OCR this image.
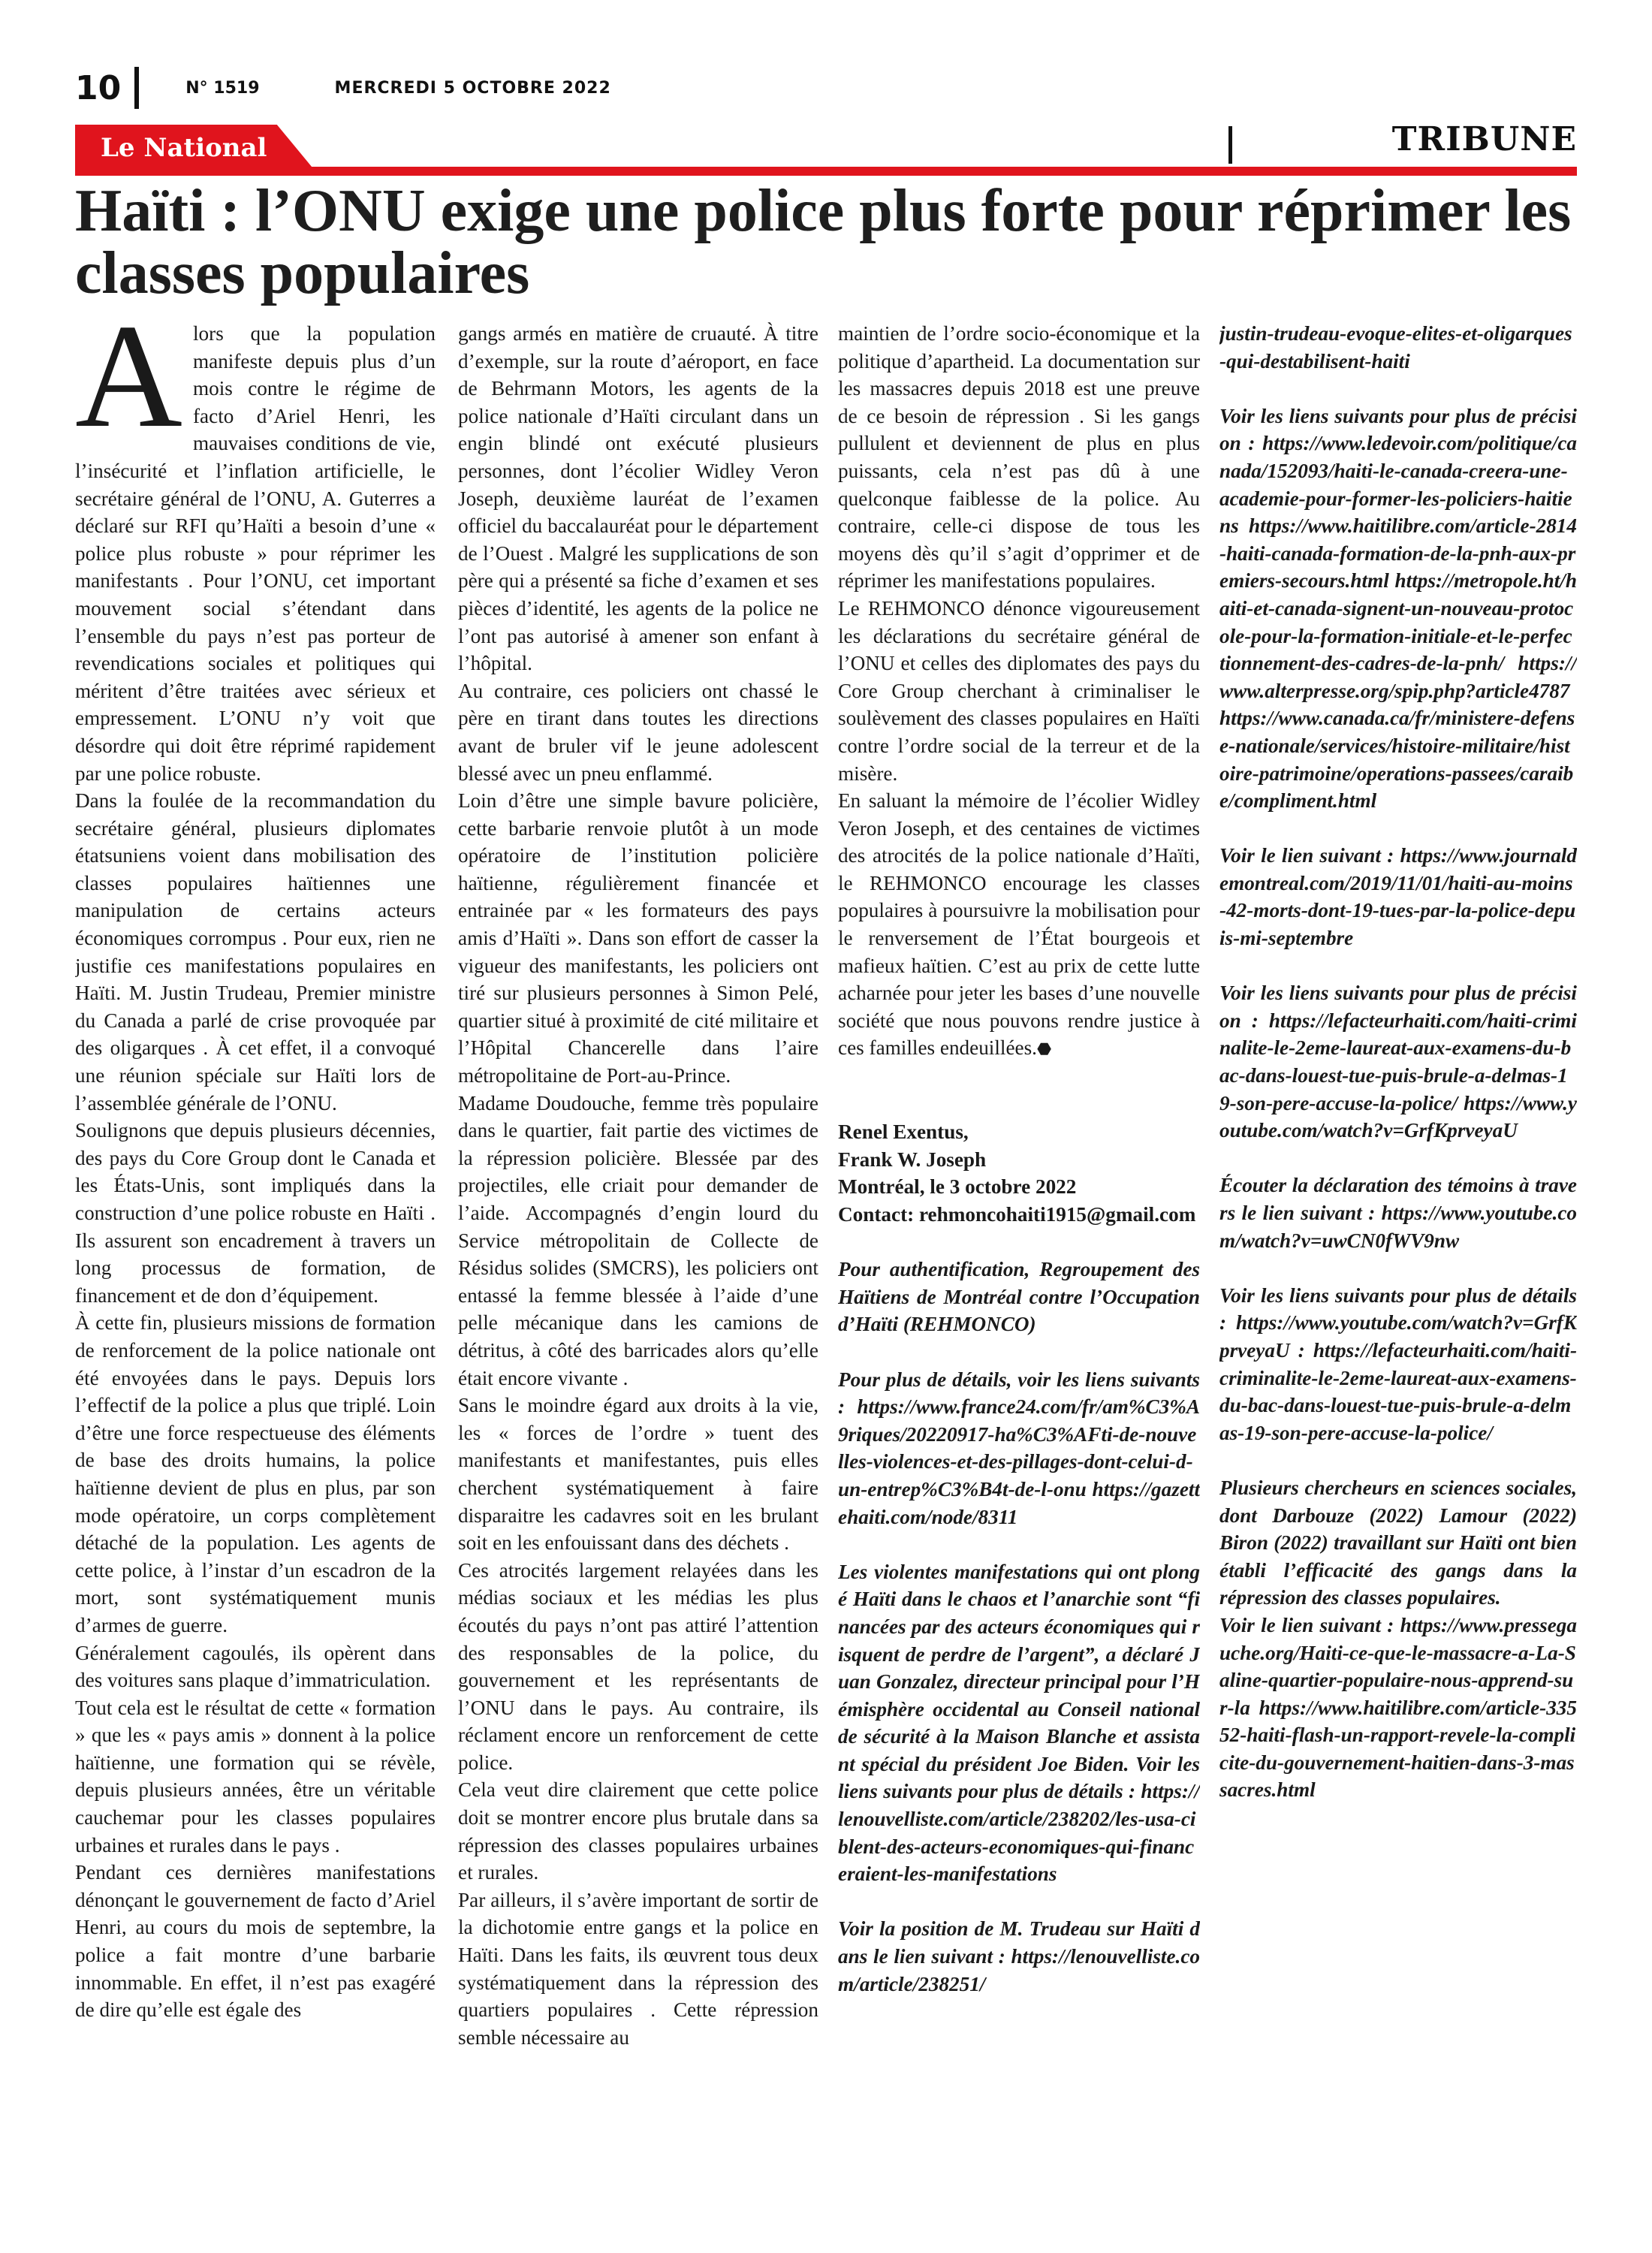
10	N° 1519	MERCREDI 5 OCTOBRE 2022
Le National	TRIBUNE
Haïti : l’ONU exige une police plus forte pour réprimer les classes populaires

Alors que la population manifeste depuis plus d’un mois contre le régime de facto d’Ariel Henri, les mauvaises conditions de vie, l’insécurité et l’inflation artificielle, le secrétaire général de l’ONU, A. Guterres a déclaré sur RFI qu’Haïti a besoin d’une « police plus robuste » pour réprimer les manifestants . Pour l’ONU, cet important mouvement social s’étendant dans l’ensemble du pays n’est pas porteur de revendications sociales et politiques qui méritent d’être traitées avec sérieux et empressement. L’ONU n’y voit que désordre qui doit être réprimé rapidement par une police robuste.

Dans la foulée de la recommandation du secrétaire général, plusieurs diplomates étatsuniens voient dans mobilisation des classes populaires haïtiennes une manipulation de certains acteurs économiques corrompus . Pour eux, rien ne justifie ces manifestations populaires en Haïti. M. Justin Trudeau, Premier ministre du Canada a parlé de crise provoquée par des oligarques . À cet effet, il a convoqué une réunion spéciale sur Haïti lors de l’assemblée générale de l’ONU.

Soulignons que depuis plusieurs décennies, des pays du Core Group dont le Canada et les États-Unis, sont impliqués dans la construction d’une police robuste en Haïti . Ils assurent son encadrement à travers un long processus de formation, de financement et de don d’équipement.

À cette fin, plusieurs missions de formation de renforcement de la police nationale ont été envoyées dans le pays. Depuis lors l’effectif de la police a plus que triplé. Loin d’être une force respectueuse des éléments de base des droits humains, la police haïtienne devient de plus en plus, par son mode opératoire, un corps complètement détaché de la population. Les agents de cette police, à l’instar d’un escadron de la mort, sont systématiquement munis d’armes de guerre.

Généralement cagoulés, ils opèrent dans des voitures sans plaque d’immatriculation.

Tout cela est le résultat de cette « formation » que les « pays amis » donnent à la police haïtienne, une formation qui se révèle, depuis plusieurs années, être un véritable cauchemar pour les classes populaires urbaines et rurales dans le pays .

Pendant ces dernières manifestations dénonçant le gouvernement de facto d’Ariel Henri, au cours du mois de septembre, la police a fait montre d’une barbarie innommable. En effet, il n’est pas exagéré de dire qu’elle est égale des

gangs armés en matière de cruauté. À titre d’exemple, sur la route d’aéroport, en face de Behrmann Motors, les agents de la police nationale d’Haïti circulant dans un engin blindé ont exécuté plusieurs personnes, dont l’écolier Widley Veron Joseph, deuxième lauréat de l’examen officiel du baccalauréat pour le département de l’Ouest . Malgré les supplications de son père qui a présenté sa fiche d’examen et ses pièces d’identité, les agents de la police ne l’ont pas autorisé à amener son enfant à l’hôpital.

Au contraire, ces policiers ont chassé le père en tirant dans toutes les directions avant de bruler vif le jeune adolescent blessé avec un pneu enflammé.

Loin d’être une simple bavure policière, cette barbarie renvoie plutôt à un mode opératoire de l’institution policière haïtienne, régulièrement financée et entrainée par « les formateurs des pays amis d’Haïti ». Dans son effort de casser la vigueur des manifestants, les policiers ont tiré sur plusieurs personnes à Simon Pelé, quartier situé à proximité de cité militaire et l’Hôpital Chancerelle dans l’aire métropolitaine de Port-au-Prince.

Madame Doudouche, femme très populaire dans le quartier, fait partie des victimes de la répression policière. Blessée par des projectiles, elle criait pour demander de l’aide. Accompagnés d’engin lourd du Service métropolitain de Collecte de Résidus solides (SMCRS), les policiers ont entassé la femme blessée à l’aide d’une pelle mécanique dans les camions de détritus, à côté des barricades alors qu’elle était encore vivante .

Sans le moindre égard aux droits à la vie, les « forces de l’ordre » tuent des manifestants et manifestantes, puis elles cherchent systématiquement à faire disparaitre les cadavres soit en les brulant soit en les enfouissant dans des déchets .

Ces atrocités largement relayées dans les médias sociaux et les médias les plus écoutés du pays n’ont pas attiré l’attention des responsables de la police, du gouvernement et les représentants de l’ONU dans le pays. Au contraire, ils réclament encore un renforcement de cette police.

Cela veut dire clairement que cette police doit se montrer encore plus brutale dans sa répression des classes populaires urbaines et rurales.

Par ailleurs, il s’avère important de sortir de la dichotomie entre gangs et la police en Haïti. Dans les faits, ils œuvrent tous deux systématiquement dans la répression des quartiers populaires . Cette répression semble nécessaire au

maintien de l’ordre socio-économique et la politique d’apartheid. La documentation sur les massacres depuis 2018 est une preuve de ce besoin de répression . Si les gangs pullulent et deviennent de plus en plus puissants, cela n’est pas dû à une quelconque faiblesse de la police. Au contraire, celle-ci dispose de tous les moyens dès qu’il s’agit d’opprimer et de réprimer les manifestations populaires.

Le REHMONCO dénonce vigoureusement les déclarations du secrétaire général de l’ONU et celles des diplomates des pays du Core Group cherchant à criminaliser le soulèvement des classes populaires en Haïti contre l’ordre social de la terreur et de la misère.

En saluant la mémoire de l’écolier Widley Veron Joseph, et des centaines de victimes des atrocités de la police nationale d’Haïti, le REHMONCO encourage les classes populaires à poursuivre la mobilisation pour le renversement de l’État bourgeois et mafieux haïtien. C’est au prix de cette lutte acharnée pour jeter les bases d’une nouvelle société que nous pouvons rendre justice à ces familles endeuillées.⬣

Renel Exentus,

Frank W. Joseph

Montréal, le 3 octobre 2022

Contact: rehmoncohaiti1915@gmail.com

Pour authentification, Regroupement des Haïtiens de Montréal contre l’Occupation d’Haïti (REHMONCO)

Pour plus de détails, voir les liens suivants : https://www.france24.com/fr/am%C3%A9riques/20220917-ha%C3%AFti-de-nouvelles-violences-et-des-pillages-dont-celui-d-un-entrep%C3%B4t-de-l-onu https://gazettehaiti.com/node/8311

Les violentes manifestations qui ont plongé Haïti dans le chaos et l’anarchie sont “financées par des acteurs économiques qui risquent de perdre de l’argent”, a déclaré Juan Gonzalez, directeur principal pour l’Hémisphère occidental au Conseil national de sécurité à la Maison Blanche et assistant spécial du président Joe Biden. Voir les liens suivants pour plus de détails : https://lenouvelliste.com/article/238202/les-usa-ciblent-des-acteurs-economiques-qui-financeraient-les-manifestations

Voir la position de M. Trudeau sur Haïti dans le lien suivant : https://lenouvelliste.com/article/238251/

justin-trudeau-evoque-elites-et-oligarques-qui-destabilisent-haiti

Voir les liens suivants pour plus de précision : https://www.ledevoir.com/politique/canada/152093/haiti-le-canada-creera-une-academie-pour-former-les-policiers-haitiens https://www.haitilibre.com/article-2814-haiti-canada-formation-de-la-pnh-aux-premiers-secours.html https://metropole.ht/haiti-et-canada-signent-un-nouveau-protocole-pour-la-formation-initiale-et-le-perfectionnement-des-cadres-de-la-pnh/ https://www.alterpresse.org/spip.php?article4787 https://www.canada.ca/fr/ministere-defense-nationale/services/histoire-militaire/histoire-patrimoine/operations-passees/caraibe/compliment.html

Voir le lien suivant : https://www.journaldemontreal.com/2019/11/01/haiti-au-moins-42-morts-dont-19-tues-par-la-police-depuis-mi-septembre

Voir les liens suivants pour plus de précision : https://lefacteurhaiti.com/haiti-criminalite-le-2eme-laureat-aux-examens-du-bac-dans-louest-tue-puis-brule-a-delmas-19-son-pere-accuse-la-police/ https://www.youtube.com/watch?v=GrfKprveyaU

Écouter la déclaration des témoins à travers le lien suivant : https://www.youtube.com/watch?v=uwCN0fWV9nw

Voir les liens suivants pour plus de détails : https://www.youtube.com/watch?v=GrfKprveyaU : https://lefacteurhaiti.com/haiti-criminalite-le-2eme-laureat-aux-examens-du-bac-dans-louest-tue-puis-brule-a-delmas-19-son-pere-accuse-la-police/

Plusieurs chercheurs en sciences sociales, dont Darbouze (2022) Lamour (2022) Biron (2022) travaillant sur Haïti ont bien établi l’efficacité des gangs dans la répression des classes populaires.

Voir le lien suivant : https://www.pressegauche.org/Haiti-ce-que-le-massacre-a-La-Saline-quartier-populaire-nous-apprend-sur-la https://www.haitilibre.com/article-33552-haiti-flash-un-rapport-revele-la-complicite-du-gouvernement-haitien-dans-3-massacres.html
